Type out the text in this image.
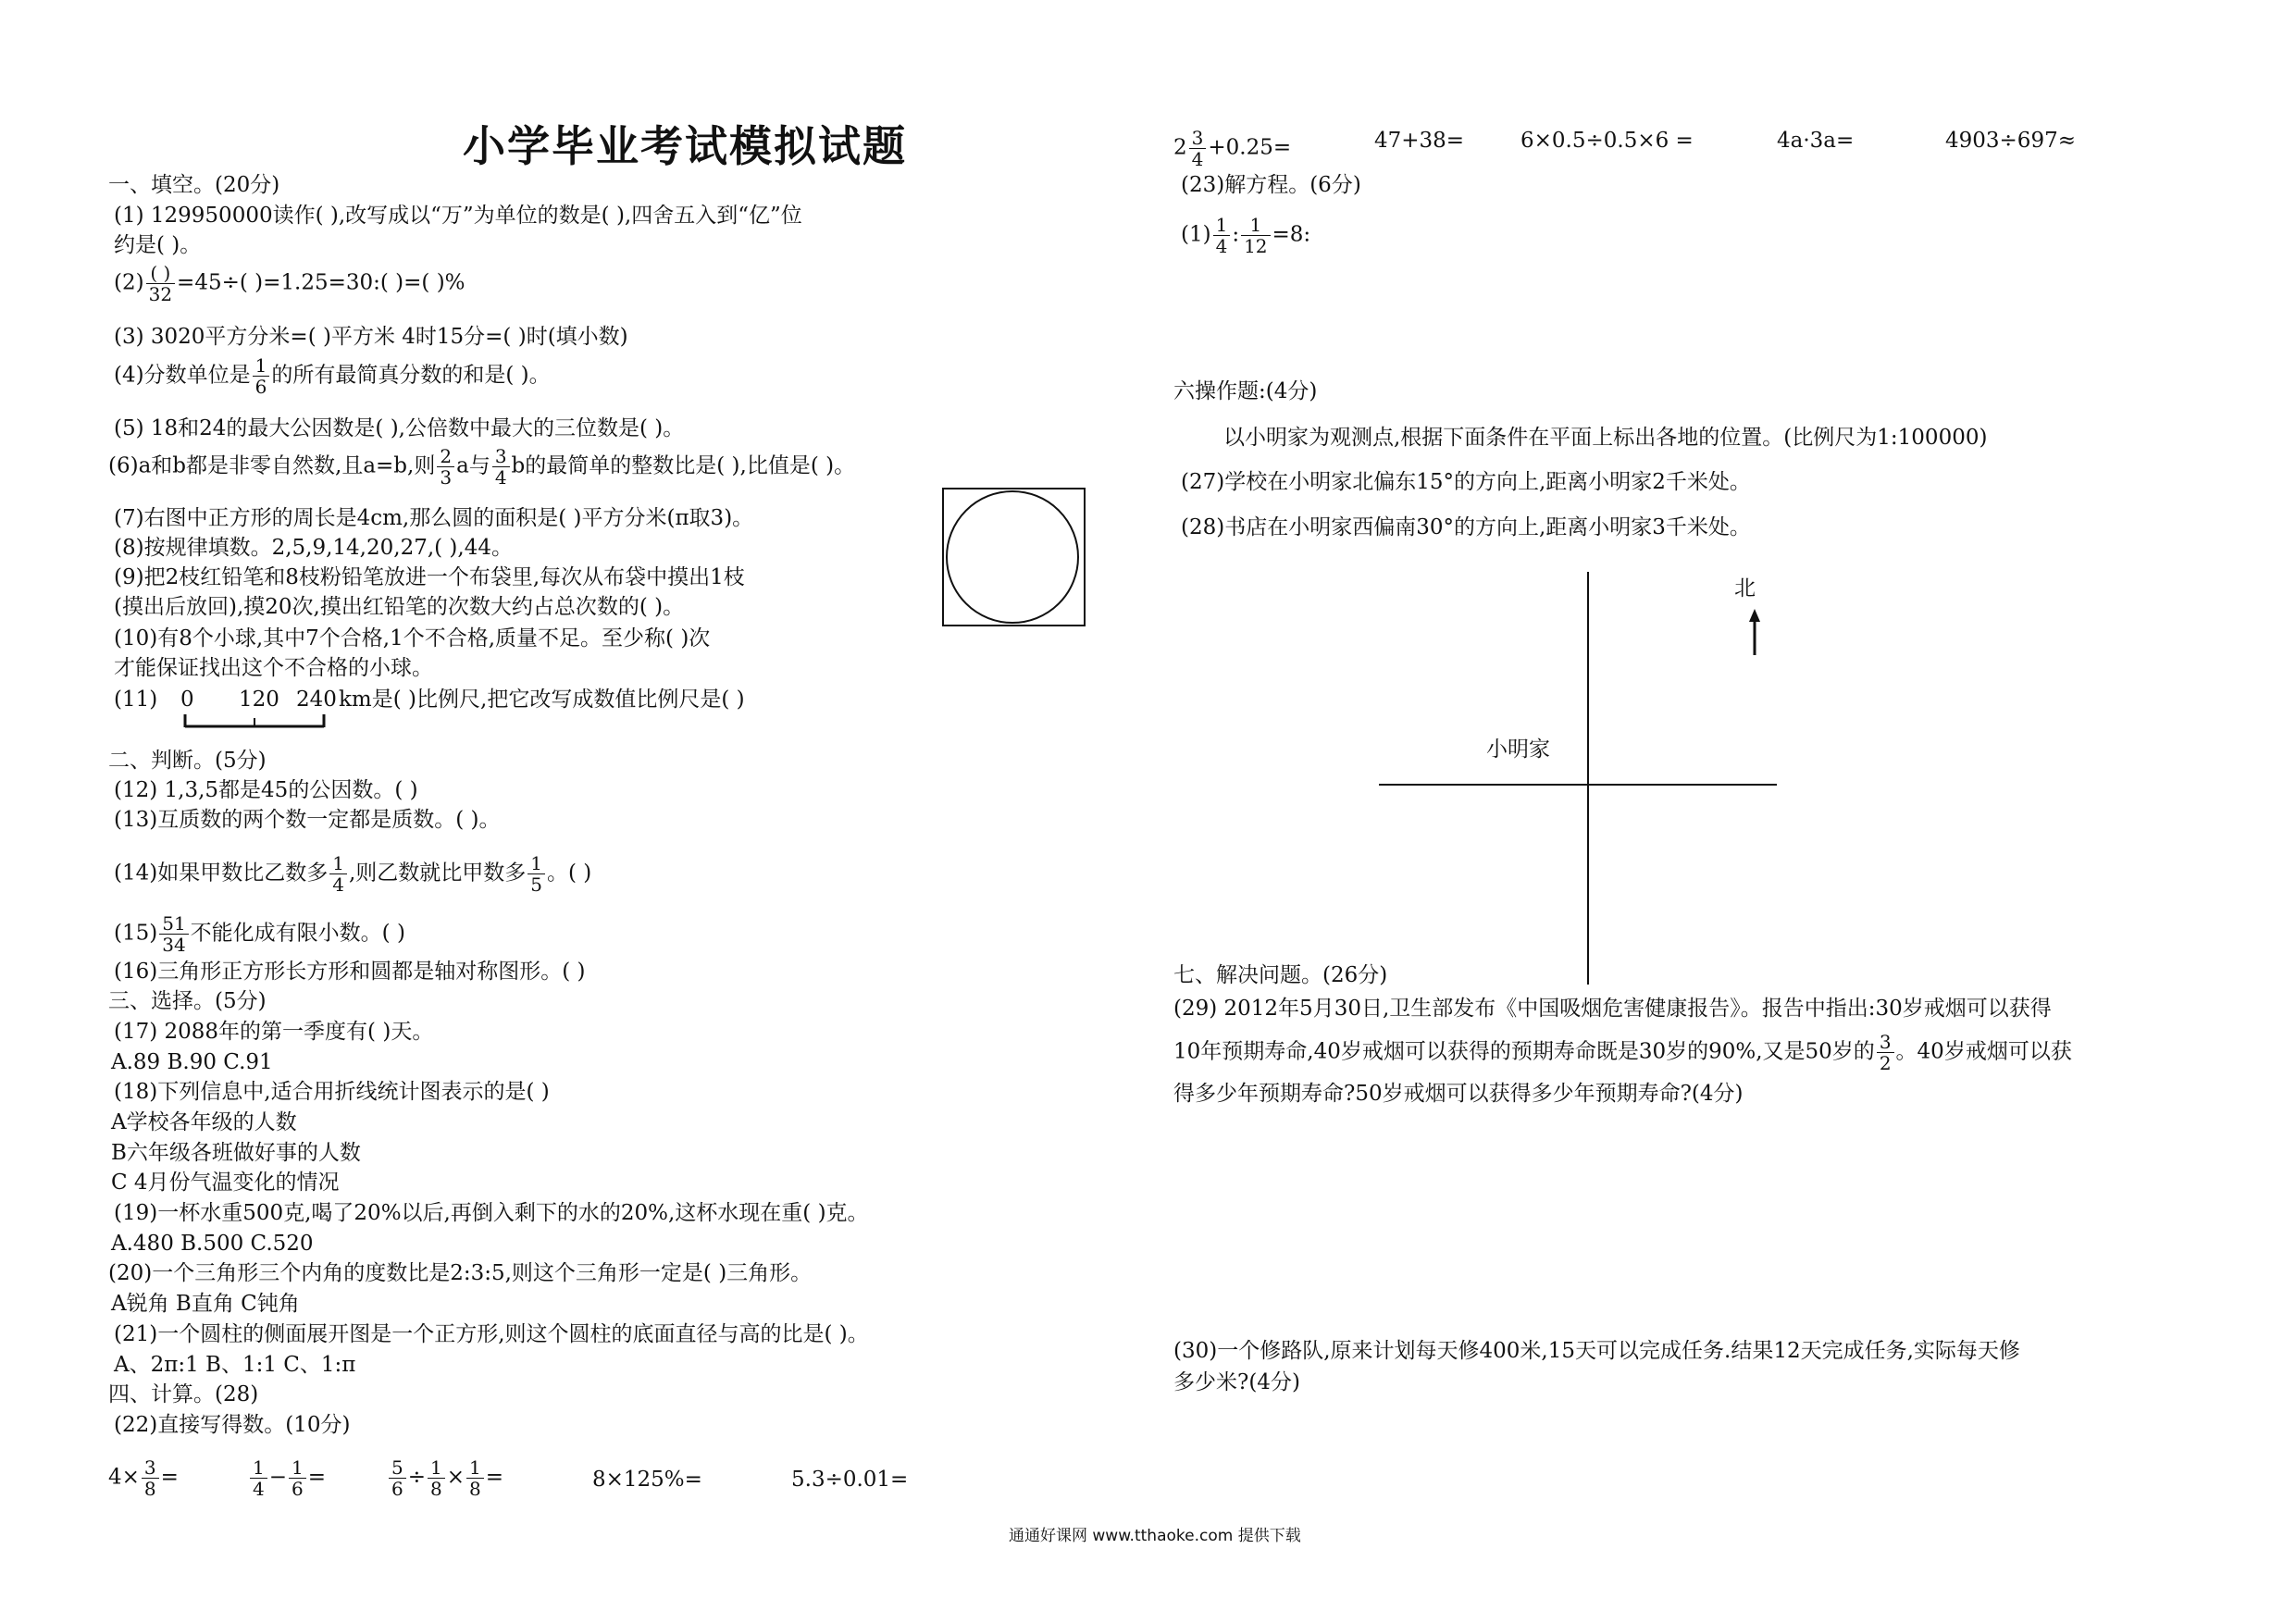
小学毕业考试模拟试题
一、填空。(20分)
(1) 129950000读作( ),改写成以“万”为单位的数是( ),四舍五入到“亿”位
约是( )。
$(2) \frac{( )}{32} =45\div$( )=1.25=30:( )=( )%
(3) 3020平方分米=( )平方米 4时15分=( )时(填小数)
(4)分数单位是 $\frac{1}{6}$ 的所有最简真分数的和是( )。
(5) 18和24的最大公因数是( ),公倍数中最大的三位数是( )。
(6)a和b都是非零自然数,且a=b,则 $\frac{2}{3}$ a与 $\frac{3}{4}$ b的最简单的整数比是( ),比值是( )。
(7)右图中正方形的周长是4cm,那么圆的面积是( )平方分米(π取3)。
(8)按规律填数。2,5,9,14,20,27,( ),44。
(9)把2枝红铅笔和8枝粉铅笔放进一个布袋里,每次从布袋中摸出1枝
(摸出后放回),摸20次,摸出红铅笔的次数大约占总次数的( )。
(10)有8个小球,其中7个合格,1个不合格,质量不足。至少称( )次
才能保证找出这个不合格的小球。
(11) 0 120 240 km是( )比例尺,把它改写成数值比例尺是( )
二、判断。(5分)
(12) 1,3,5都是45的公因数。( )
(13)互质数的两个数一定都是质数。( )。
(14)如果甲数比乙数多 $\frac{1}{4}$ ,则乙数就比甲数多 $\frac{1}{5}$ 。( )
$(15) \frac{51}{34}$ 不能化成有限小数。( )
(16)三角形正方形长方形和圆都是轴对称图形。( )
三、选择。(5分)
(17) 2088年的第一季度有( )天。
A.89 B.90 C.91
(18)下列信息中,适合用折线统计图表示的是( )
A学校各年级的人数
B六年级各班做好事的人数
C 4月份气温变化的情况
(19)一杯水重500克,喝了20%以后,再倒入剩下的水的20%,这杯水现在重( )克。
A.480 B.500 C.520
(20)一个三角形三个内角的度数比是2:3:5,则这个三角形一定是( )三角形。
A锐角 B直角 C钝角
(21)一个圆柱的侧面展开图是一个正方形,则这个圆柱的底面直径与高的比是( )。
A、2π:1 B、1:1 C、1:π
四、计算。(28)
(22)直接写得数。(10分)
$4\times \frac{3}{8}$ =	$\frac{1}{4} - \frac{1}{6}$ =	$\frac{5}{6} \div \frac{1}{8} \times \frac{1}{8}$ =	8×125%=	5.3÷0.01=
$2 \frac{3}{4} +0.25=$	47+38=	6×0.5÷0.5×6 =	4a·3a=	4903÷697≈
(23)解方程。(6分)
$(1) \frac{1}{4}$ : $\frac{1}{12} =8$:
六操作题:(4分)
以小明家为观测点,根据下面条件在平面上标出各地的位置。(比例尺为1:100000)
(27)学校在小明家北偏东15°的方向上,距离小明家2千米处。
(28)书店在小明家西偏南30°的方向上,距离小明家3千米处。
北
小明家
七、解决问题。(26分)
(29) 2012年5月30日,卫生部发布《中国吸烟危害健康报告》。报告中指出:30岁戒烟可以获得
10年预期寿命,40岁戒烟可以获得的预期寿命既是30岁的90%,又是50岁的 $\frac{3}{2}$ 。40岁戒烟可以获
得多少年预期寿命?50岁戒烟可以获得多少年预期寿命?(4分)
(30)一个修路队,原来计划每天修400米,15天可以完成任务.结果12天完成任务,实际每天修
多少米?(4分)
通通好课网 www.tthaoke.com 提供下载
